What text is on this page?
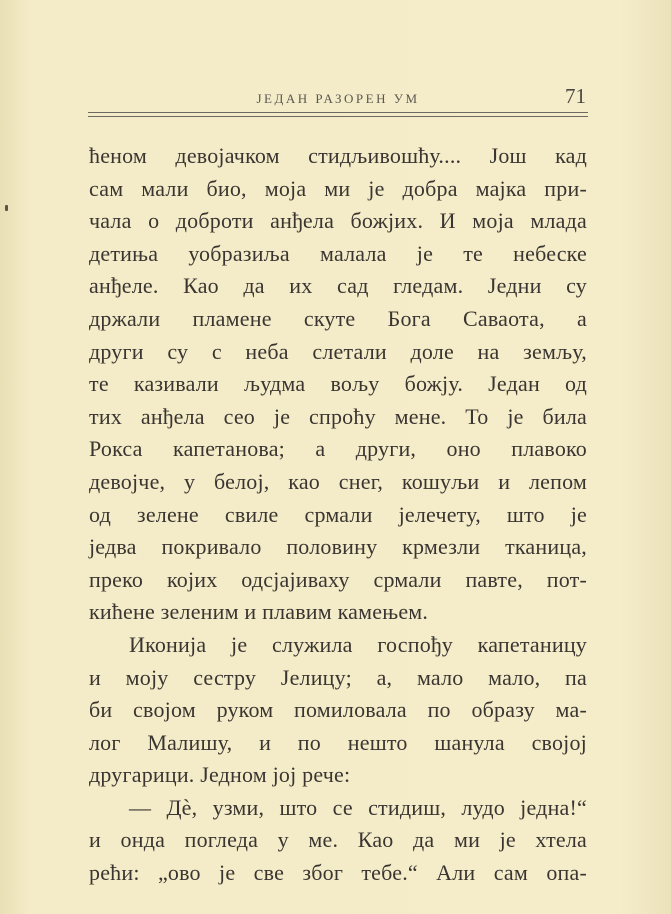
ЈЕДАН РАЗОРЕН УМ	71
ћеном девојачком стидљивошћу.... Још кад
сам мали био, моја ми је добра мајка при-
чала о доброти анђела божјих. И моја млада
детиња уобразиља малала је те небеске
анђеле. Као да их сад гледам. Једни су
држали пламене скуте Бога Саваота, а
други су с неба слетали доле на земљу,
те казивали људма вољу божју. Један од
тих анђела сео је спроћу мене. То је била
Рокса капетанова; а други, оно плавоко
девојче, у белој, као снег, кошуљи и лепом
од зелене свиле срмали јелечету, што је
једва покривало половину крмезли тканица,
преко којих одсјајиваху срмали павте, пот-
кићене зеленим и плавим камењем.
Иконија је служила госпођу капетаницу
и моју сестру Јелицу; а, мало мало, па
би својом руком помиловала по образу ма-
лог Малишу, и по нешто шанула својој
другарици. Једном јој рече:
— Дè, узми, што се стидиш, лудо једна!“
и онда погледа у ме. Као да ми је хтела
рећи: „ово је све због тебе.“ Али сам опа-
